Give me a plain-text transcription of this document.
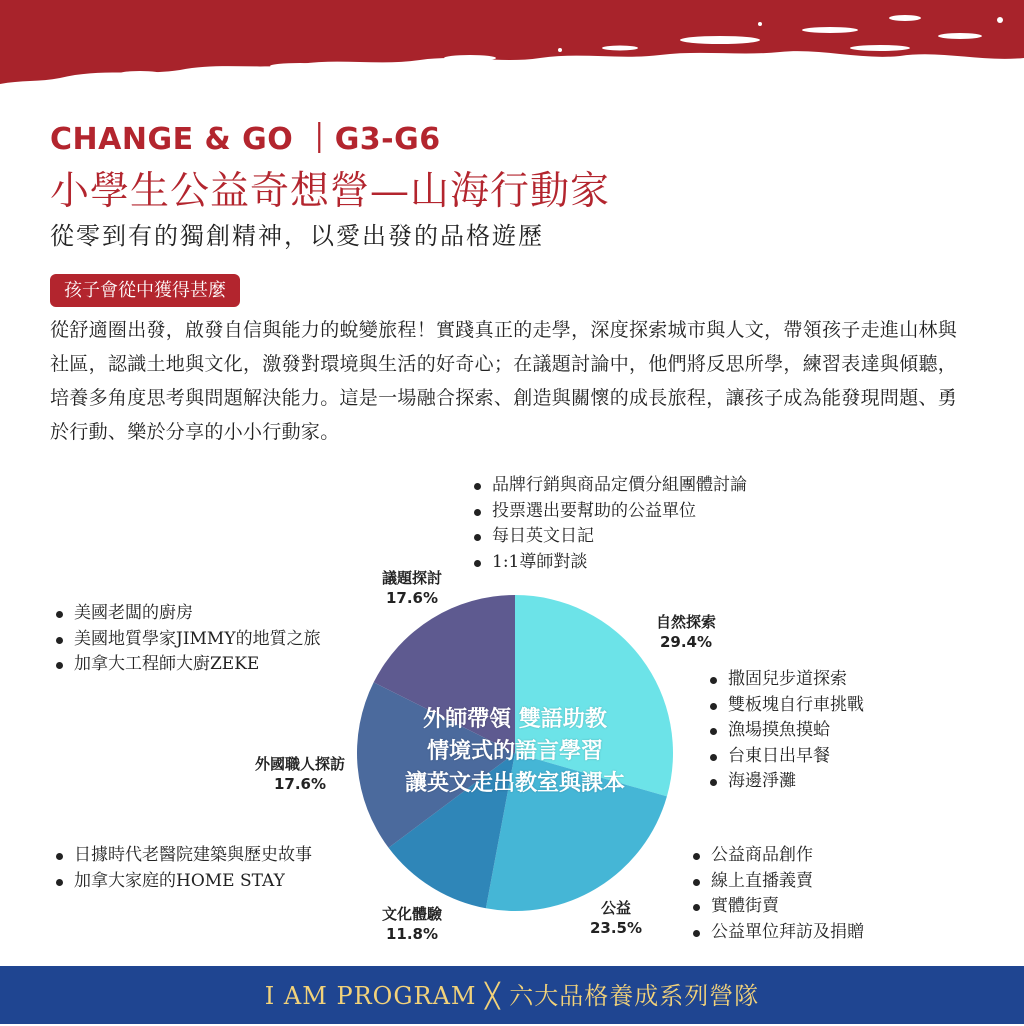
CHANGE & GO ｜G3-G6
小學生公益奇想營—山海行動家
從零到有的獨創精神，以愛出發的品格遊歷
孩子會從中獲得甚麼
從舒適圈出發，啟發自信與能力的蛻變旅程！實踐真正的走學，深度探索城市與人文，帶領孩子走進山林與社區，認識土地與文化，激發對環境與生活的好奇心；在議題討論中，他們將反思所學，練習表達與傾聽，培養多角度思考與問題解決能力。這是一場融合探索、創造與關懷的成長旅程，讓孩子成為能發現問題、勇於行動、樂於分享的小小行動家。
品牌行銷與商品定價分組團體討論
投票選出要幫助的公益單位
每日英文日記
1:1導師對談
撒固兒步道探索
雙板塊自行車挑戰
漁場摸魚摸蛤
台東日出早餐
海邊淨灘
公益商品創作
線上直播義賣
實體街賣
公益單位拜訪及捐贈
美國老闆的廚房
美國地質學家JIMMY的地質之旅
加拿大工程師大廚ZEKE
日據時代老醫院建築與歷史故事
加拿大家庭的HOME STAY
自然探索
29.4%
公益
23.5%
文化體驗
11.8%
外國職人探訪
17.6%
議題探討
17.6%
外師帶領 雙語助教
情境式的語言學習
讓英文走出教室與課本
I AM PROGRAM ╳ 六大品格養成系列營隊
